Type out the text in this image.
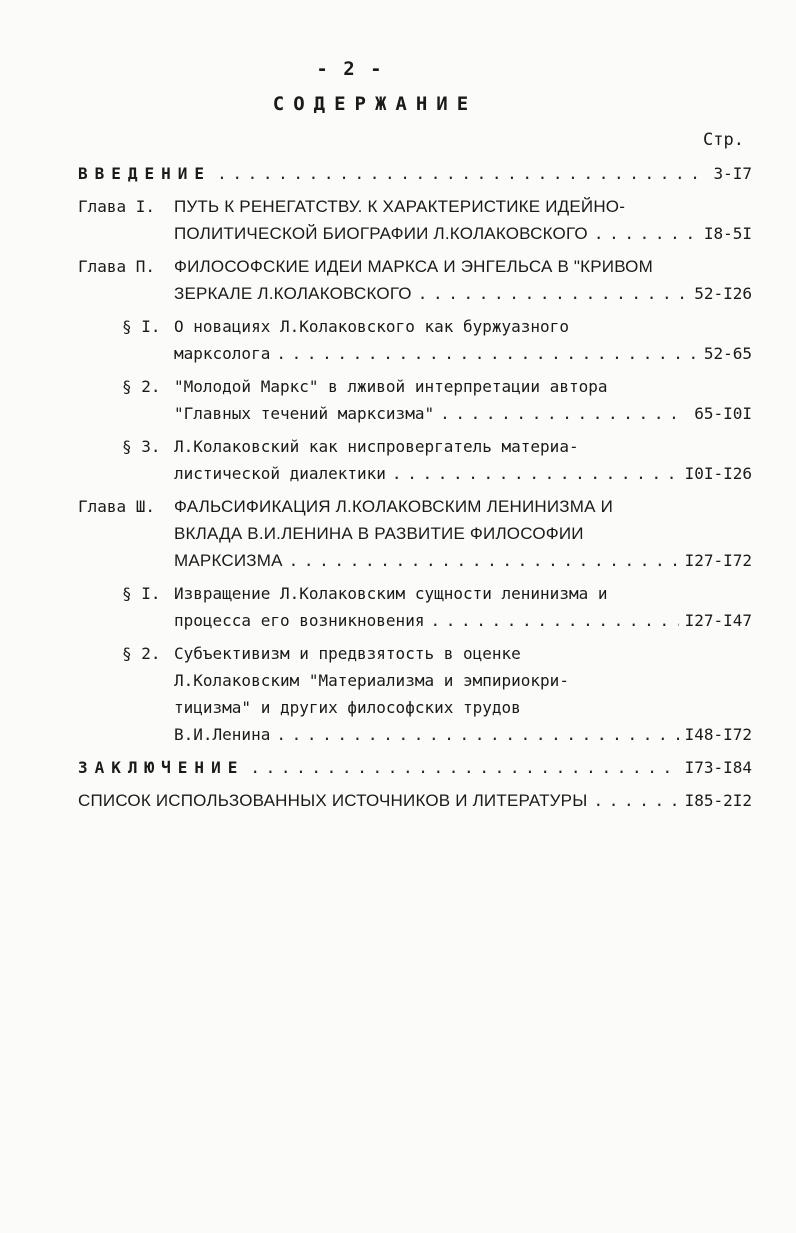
- 2 -
СОДЕРЖАНИЕ
Стр.
ВВЕДЕНИЕ . . .	3-I7
Глава I.	ПУТЬ К РЕНЕГАТСТВУ. К ХАРАКТЕРИСТИКЕ ИДЕЙНО-
ПОЛИТИЧЕСКОЙ БИОГРАФИИ Л.КОЛАКОВСКОГО . . .	I8-5I
Глава П.	ФИЛОСОФСКИЕ ИДЕИ МАРКСА И ЭНГЕЛЬСА В "КРИВОМ
ЗЕРКАЛЕ Л.КОЛАКОВСКОГО . . .	52-I26
§ I. О новациях Л.Колаковского как буржуазного
марксолога . . .	52-65
§ 2. "Молодой Маркс" в лживой интерпретации автора
"Главных течений марксизма" . . .	65-I0I
§ 3. Л.Колаковский как ниспровергатель материа-
листической диалектики . . .	I0I-I26
Глава Ш.	ФАЛЬСИФИКАЦИЯ Л.КОЛАКОВСКИМ ЛЕНИНИЗМА И
ВКЛАДА В.И.ЛЕНИНА В РАЗВИТИЕ ФИЛОСОФИИ
МАРКСИЗМА . . .	I27-I72
§ I. Извращение Л.Колаковским сущности ленинизма и
процесса его возникновения . . .	I27-I47
§ 2. Субъективизм и предвзятость в оценке
Л.Колаковским "Материализма и эмпириокри-
тицизма" и других философских трудов
В.И.Ленина . . .	I48-I72
ЗАКЛЮЧЕНИЕ . . .	I73-I84
СПИСОК ИСПОЛЬЗОВАННЫХ ИСТОЧНИКОВ И ЛИТЕРАТУРЫ . . .	I85-2I2
